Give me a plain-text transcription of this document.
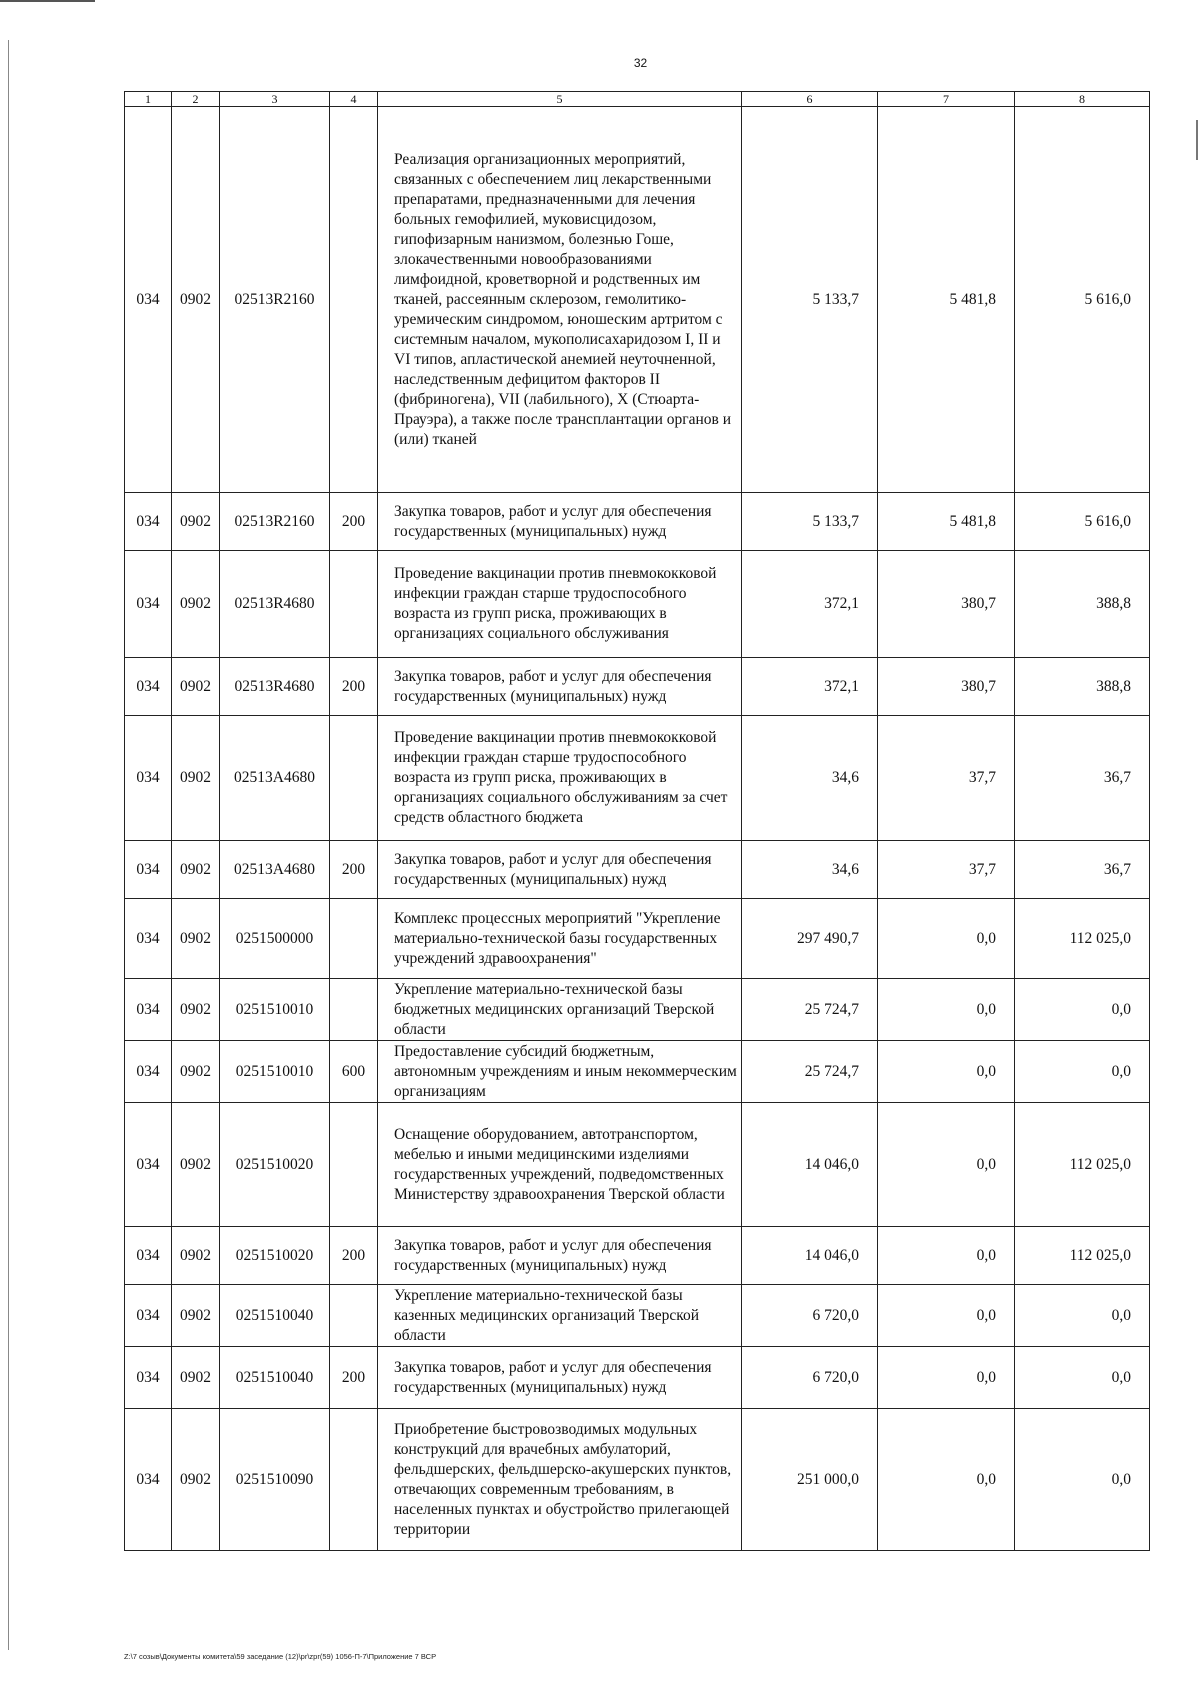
32
1	2	3	4	5	6	7	8
034	0902	02513R2160		Реализация организационных мероприятий, связанных с обеспечением лиц лекарственными препаратами, предназначенными для лечения больных гемофилией, муковисцидозом, гипофизарным нанизмом, болезнью Гоше, злокачественными новообразованиями лимфоидной, кроветворной и родственных им тканей, рассеянным склерозом, гемолитико-уремическим синдромом, юношеским артритом с системным началом, мукополисахаридозом I, II и VI типов, апластической анемией неуточненной, наследственным дефицитом факторов II (фибриногена), VII (лабильного), X (Стюарта-Прауэра), а также после трансплантации органов и (или) тканей	5 133,7	5 481,8	5 616,0
034	0902	02513R2160	200	Закупка товаров, работ и услуг для обеспечения государственных (муниципальных) нужд	5 133,7	5 481,8	5 616,0
034	0902	02513R4680		Проведение вакцинации против пневмококковой инфекции граждан старше трудоспособного возраста из групп риска, проживающих в организациях социального обслуживания	372,1	380,7	388,8
034	0902	02513R4680	200	Закупка товаров, работ и услуг для обеспечения государственных (муниципальных) нужд	372,1	380,7	388,8
034	0902	02513A4680		Проведение вакцинации против пневмококковой инфекции граждан старше трудоспособного возраста из групп риска, проживающих в организациях социального обслуживаниям за счет средств областного бюджета	34,6	37,7	36,7
034	0902	02513A4680	200	Закупка товаров, работ и услуг для обеспечения государственных (муниципальных) нужд	34,6	37,7	36,7
034	0902	0251500000		Комплекс процессных мероприятий "Укрепление материально-технической базы государственных учреждений здравоохранения"	297 490,7	0,0	112 025,0
034	0902	0251510010		Укрепление материально-технической базы бюджетных медицинских организаций Тверской области	25 724,7	0,0	0,0
034	0902	0251510010	600	Предоставление субсидий бюджетным, автономным учреждениям и иным некоммерческим организациям	25 724,7	0,0	0,0
034	0902	0251510020		Оснащение оборудованием, автотранспортом, мебелью и иными медицинскими изделиями государственных учреждений, подведомственных Министерству здравоохранения Тверской области	14 046,0	0,0	112 025,0
034	0902	0251510020	200	Закупка товаров, работ и услуг для обеспечения государственных (муниципальных) нужд	14 046,0	0,0	112 025,0
034	0902	0251510040		Укрепление материально-технической базы казенных медицинских организаций Тверской области	6 720,0	0,0	0,0
034	0902	0251510040	200	Закупка товаров, работ и услуг для обеспечения государственных (муниципальных) нужд	6 720,0	0,0	0,0
034	0902	0251510090		Приобретение быстровозводимых модульных конструкций для врачебных амбулаторий, фельдшерских, фельдшерско-акушерских пунктов, отвечающих современным требованиям, в населенных пунктах и обустройство прилегающей территории	251 000,0	0,0	0,0
Z:\7 созыв\Документы комитета\59 заседание (12)\pr\zpr(59) 1056-П-7\Приложение 7 ВСР
